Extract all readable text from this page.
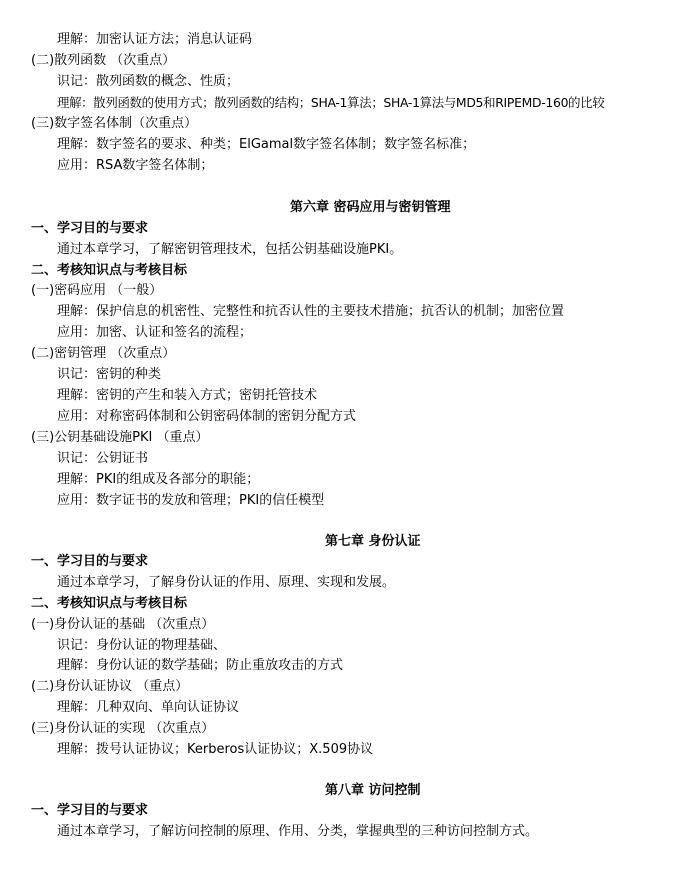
理解：加密认证方法；消息认证码
(二)散列函数 （次重点）
识记：散列函数的概念、性质；
理解：散列函数的使用方式；散列函数的结构；SHA-1算法；SHA-1算法与MD5和RIPEMD-160的比较
(三)数字签名体制（次重点）
理解：数字签名的要求、种类；ElGamal数字签名体制；数字签名标准；
应用：RSA数字签名体制；
第六章 密码应用与密钥管理
一、学习目的与要求
通过本章学习，了解密钥管理技术，包括公钥基础设施PKI。
二、考核知识点与考核目标
(一)密码应用 （一般）
理解：保护信息的机密性、完整性和抗否认性的主要技术措施；抗否认的机制；加密位置
应用：加密、认证和签名的流程；
(二)密钥管理 （次重点）
识记：密钥的种类
理解：密钥的产生和装入方式；密钥托管技术
应用：对称密码体制和公钥密码体制的密钥分配方式
(三)公钥基础设施PKI （重点）
识记：公钥证书
理解：PKI的组成及各部分的职能；
应用：数字证书的发放和管理；PKI的信任模型
第七章 身份认证
一、学习目的与要求
通过本章学习，了解身份认证的作用、原理、实现和发展。
二、考核知识点与考核目标
(一)身份认证的基础 （次重点）
识记：身份认证的物理基础、
理解：身份认证的数学基础；防止重放攻击的方式
(二)身份认证协议 （重点）
理解：几种双向、单向认证协议
(三)身份认证的实现 （次重点）
理解：拨号认证协议；Kerberos认证协议；X.509协议
第八章 访问控制
一、学习目的与要求
通过本章学习，了解访问控制的原理、作用、分类，掌握典型的三种访问控制方式。
